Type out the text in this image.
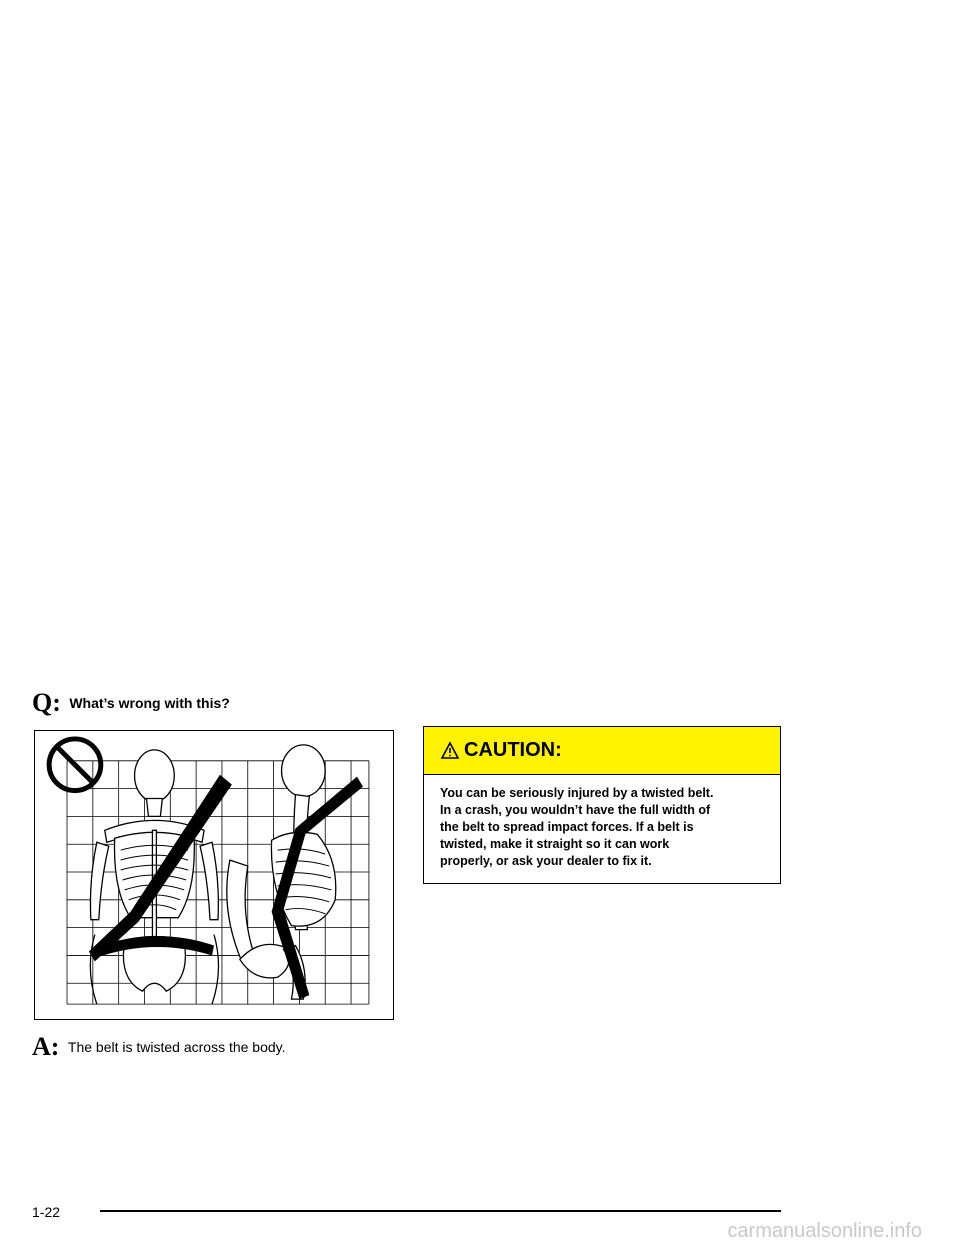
Q: What’s wrong with this?
A: The belt is twisted across the body.
CAUTION:
You can be seriously injured by a twisted belt.
In a crash, you wouldn’t have the full width of
the belt to spread impact forces. If a belt is
twisted, make it straight so it can work
properly, or ask your dealer to fix it.
1-22
carmanualsonline.info
